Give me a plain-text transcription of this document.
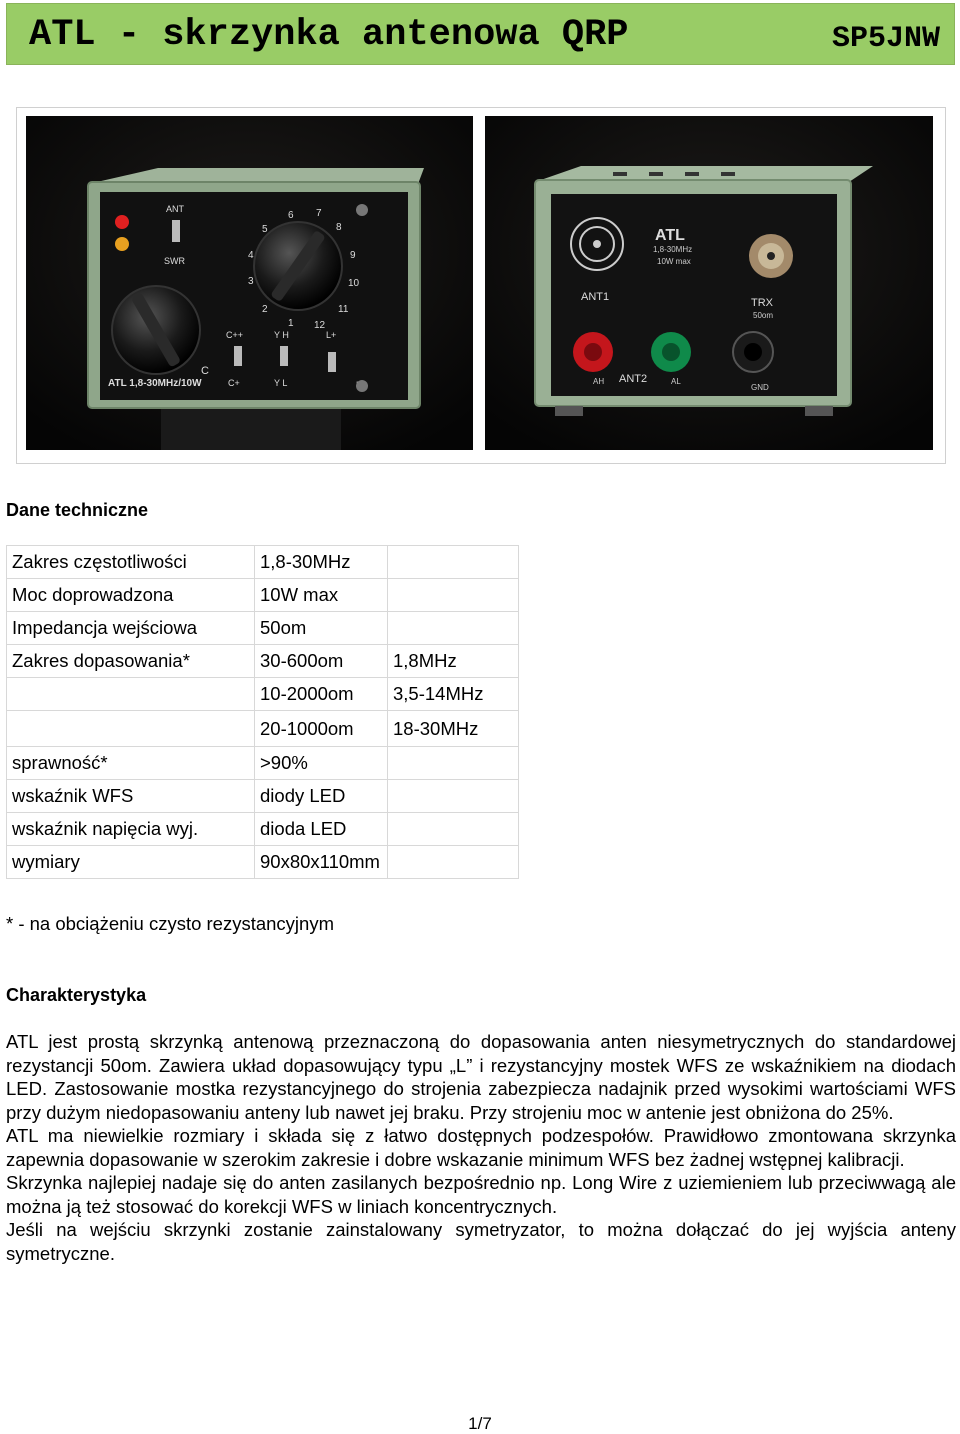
ATL - skrzynka antenowa QRP	SP5JNW
ANT
SWR
1
2
3
4
5
6 7
8
9
10
11
12
C
C++
C+
Y H
Y L
L+
ATL 1,8-30MHz/10W
ATL
1,8-30MHz
10W max
ANT1	TRX
50om
AH ANT2	AL
GND
Dane techniczne
Zakres częstotliwości	1,8-30MHz	
Moc doprowadzona	10W max	
Impedancja wejściowa	50om	
Zakres dopasowania*	30-600om	1,8MHz
	10-2000om	3,5-14MHz
	20-1000om	18-30MHz
sprawność*	>90%	
wskaźnik WFS	diody LED	
wskaźnik napięcia wyj.	dioda LED	
wymiary	90x80x110mm	
* - na obciążeniu czysto rezystancyjnym
Charakterystyka

ATL jest prostą skrzynką antenową przeznaczoną do dopasowania anten niesymetrycznych do standardowej rezystancji 50om. Zawiera układ dopasowujący typu „L” i rezystancyjny mostek WFS ze wskaźnikiem na diodach LED. Zastosowanie mostka rezystancyjnego do strojenia zabezpiecza nadajnik przed wysokimi wartościami WFS przy dużym niedopasowaniu anteny lub nawet jej braku. Przy strojeniu moc w antenie jest obniżona do 25%.

ATL ma niewielkie rozmiary i składa się z łatwo dostępnych podzespołów. Prawidłowo zmontowana skrzynka zapewnia dopasowanie w szerokim zakresie i dobre wskazanie minimum WFS bez żadnej wstępnej kalibracji.

Skrzynka najlepiej nadaje się do anten zasilanych bezpośrednio np. Long Wire z uziemieniem lub przeciwwagą ale można ją też stosować do korekcji WFS w liniach koncentrycznych.

Jeśli na wejściu skrzynki zostanie zainstalowany symetryzator, to można dołączać do jej wyjścia anteny symetryczne.

1/7
